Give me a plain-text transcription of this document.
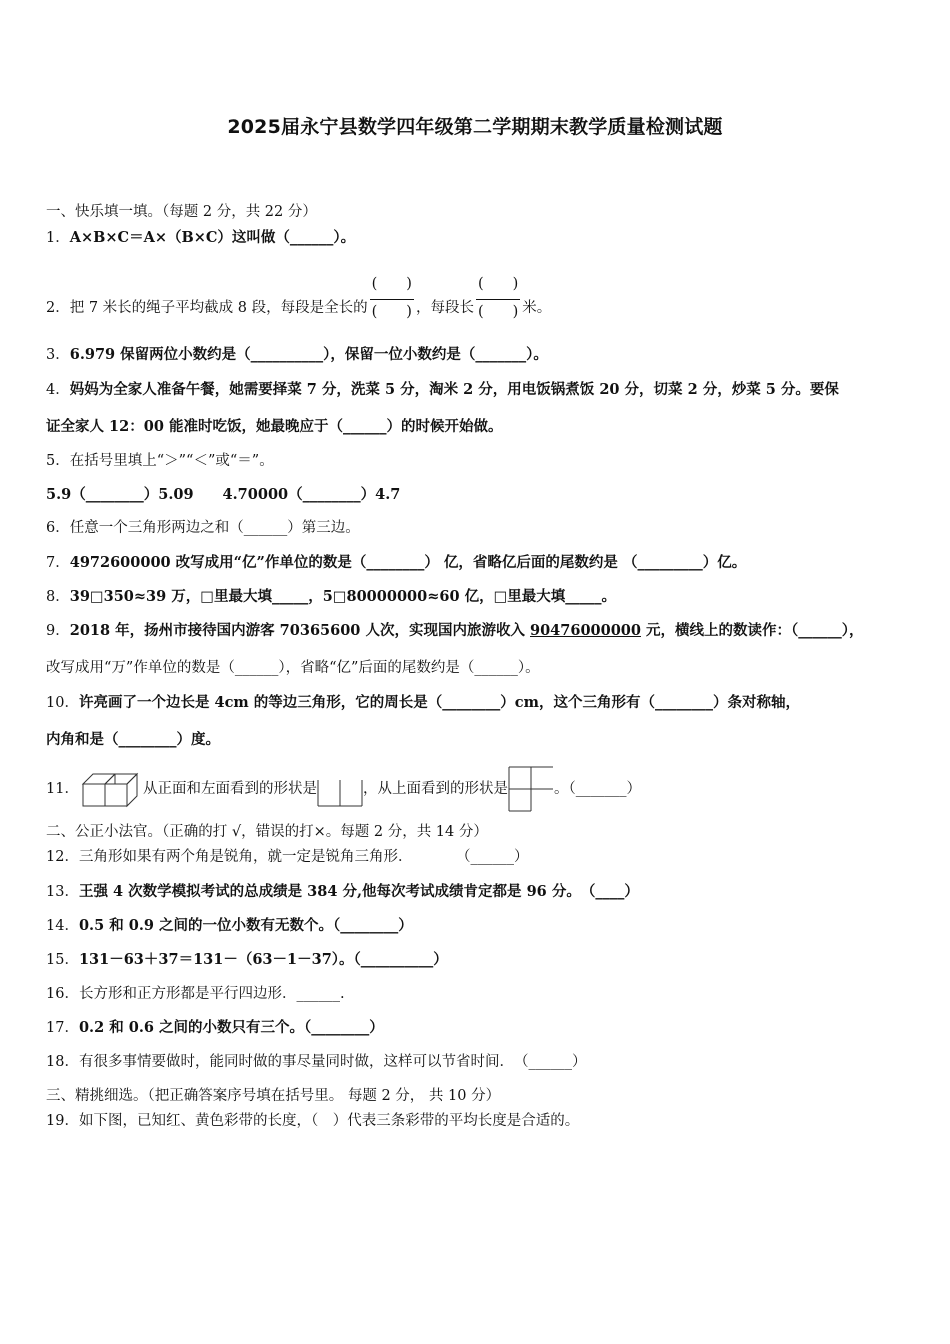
2025届永宁县数学四年级第二学期期末教学质量检测试题
一、快乐填一填。（每题 2 分，共 22 分）
1．A×B×C＝A×（B×C）这叫做（______）。
2．把 7 米长的绳子平均截成 8 段，每段是全长的 $\frac{( )}{( )}$ ，每段长 $\frac{( )}{( )}$ 米。
3．6.979 保留两位小数约是（__________），保留一位小数约是（_______）。
4．妈妈为全家人准备午餐，她需要择菜 7 分，洗菜 5 分，淘米 2 分，用电饭锅煮饭 20 分，切菜 2 分，炒菜 5 分。要保
证全家人 12：00 能准时吃饭，她最晚应于（______）的时候开始做。
5．在括号里填上“＞”“＜”或“＝”。
5.9（________）5.09　　4.70000（________）4.7
6．任意一个三角形两边之和（______）第三边。
7．4972600000 改写成用“亿”作单位的数是（________） 亿，省略亿后面的尾数约是 （_________）亿。
8．39□350≈39 万，□里最大填_____，5□80000000≈60 亿，□里最大填_____。
9．2018 年，扬州市接待国内游客 70365600 人次，实现国内旅游收入 90476000000 元，横线上的数读作：（______），
改写成用“万”作单位的数是（______），省略“亿”后面的尾数约是（______）。
10．许亮画了一个边长是 4cm 的等边三角形，它的周长是（________）cm，这个三角形有（________）条对称轴，
内角和是（________）度。
11．	从正面和左面看到的形状是	，从上面看到的形状是	。（_______）
二、公正小法官。（正确的打 √，错误的打×。每题 2 分，共 14 分）
12．三角形如果有两个角是锐角，就一定是锐角三角形．　　　　（______）
13．王强 4 次数学模拟考试的总成绩是 384 分,他每次考试成绩肯定都是 96 分。　（____）
14．0.5 和 0.9 之间的一位小数有无数个。（________）
15．131－63＋37＝131－（63－1－37）。（__________）
16．长方形和正方形都是平行四边形．______.
17．0.2 和 0.6 之间的小数只有三个。（________）
18．有很多事情要做时，能同时做的事尽量同时做，这样可以节省时间．　（______）
三、精挑细选。（把正确答案序号填在括号里。 每题 2 分， 共 10 分）
19．如下图，已知红、黄色彩带的长度，（　）代表三条彩带的平均长度是合适的。
